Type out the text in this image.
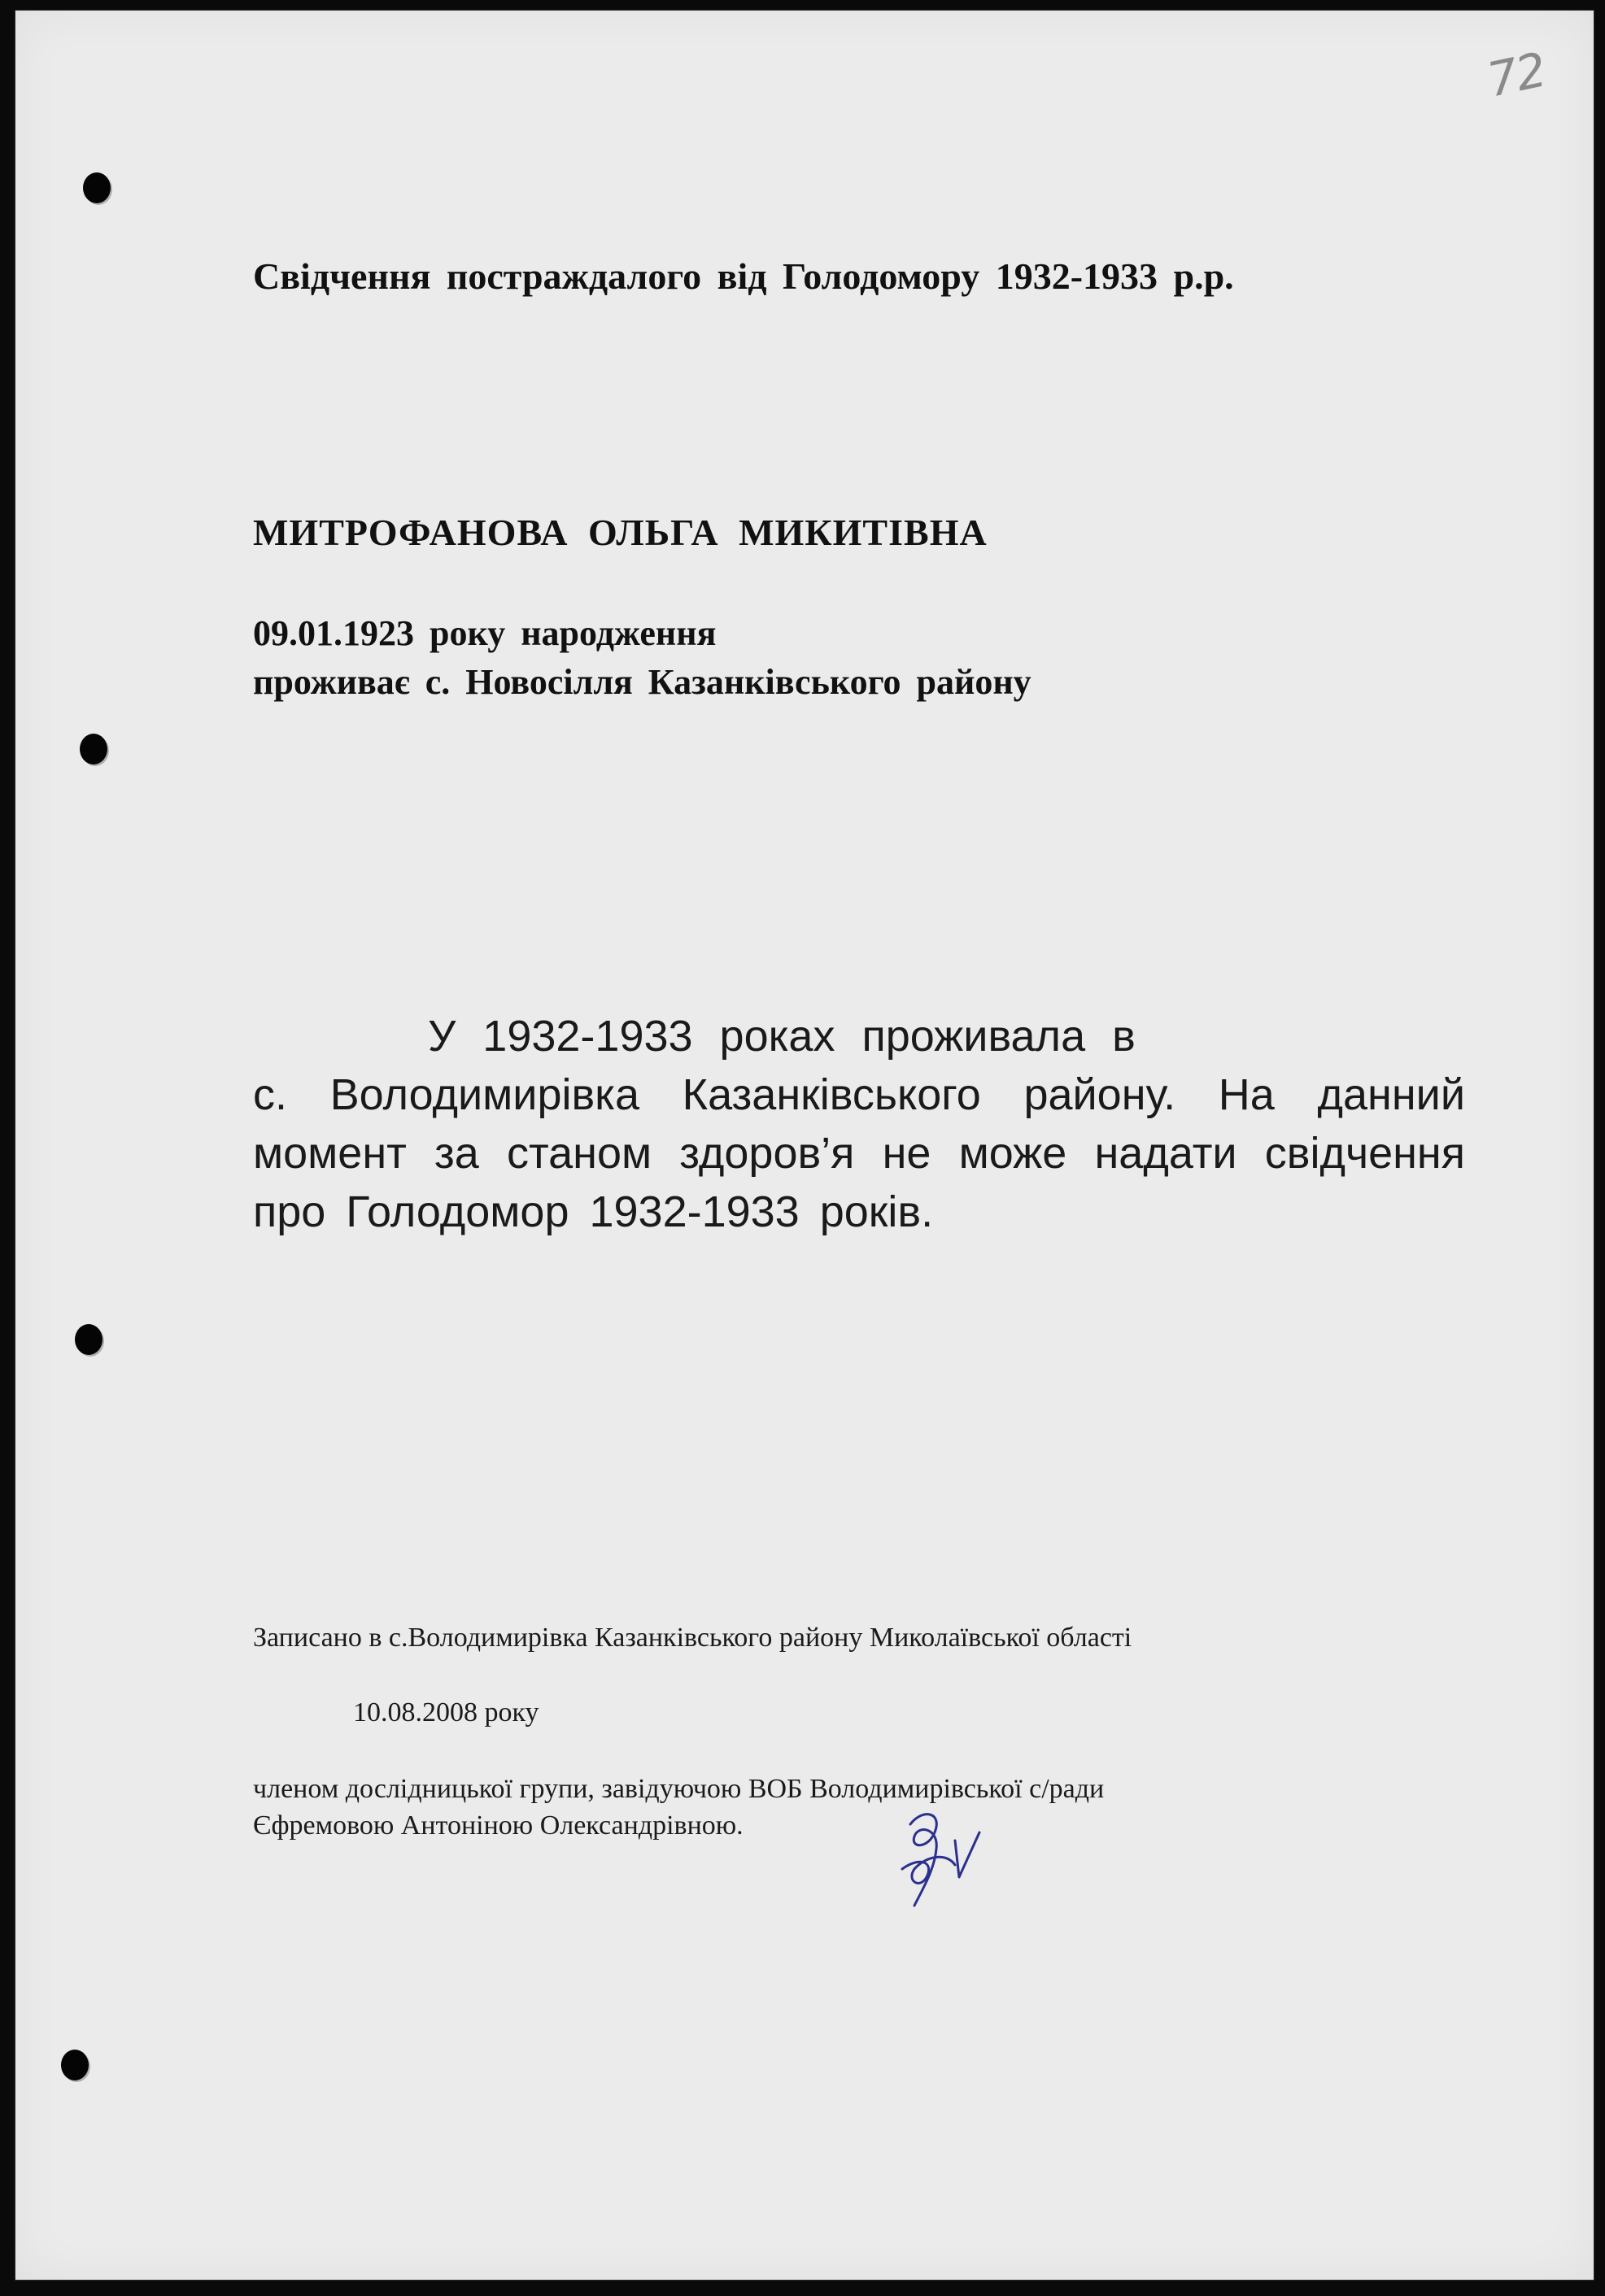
72
Свідчення постраждалого від Голодомору 1932-1933 р.р.
МИТРОФАНОВА ОЛЬГА МИКИТІВНА
09.01.1923 року народження
проживає с. Новосілля Казанківського району
У 1932-1933 роках проживала в
с. Володимирівка Казанківського району. На данний
момент за станом здоров’я не може надати свідчення
про Голодомор 1932-1933 років.
Записано в с.Володимирівка Казанківського району Миколаївської області
10.08.2008 року
членом дослідницької групи, завідуючою ВОБ Володимирівської с/ради
Єфремовою Антоніною Олександрівною.
